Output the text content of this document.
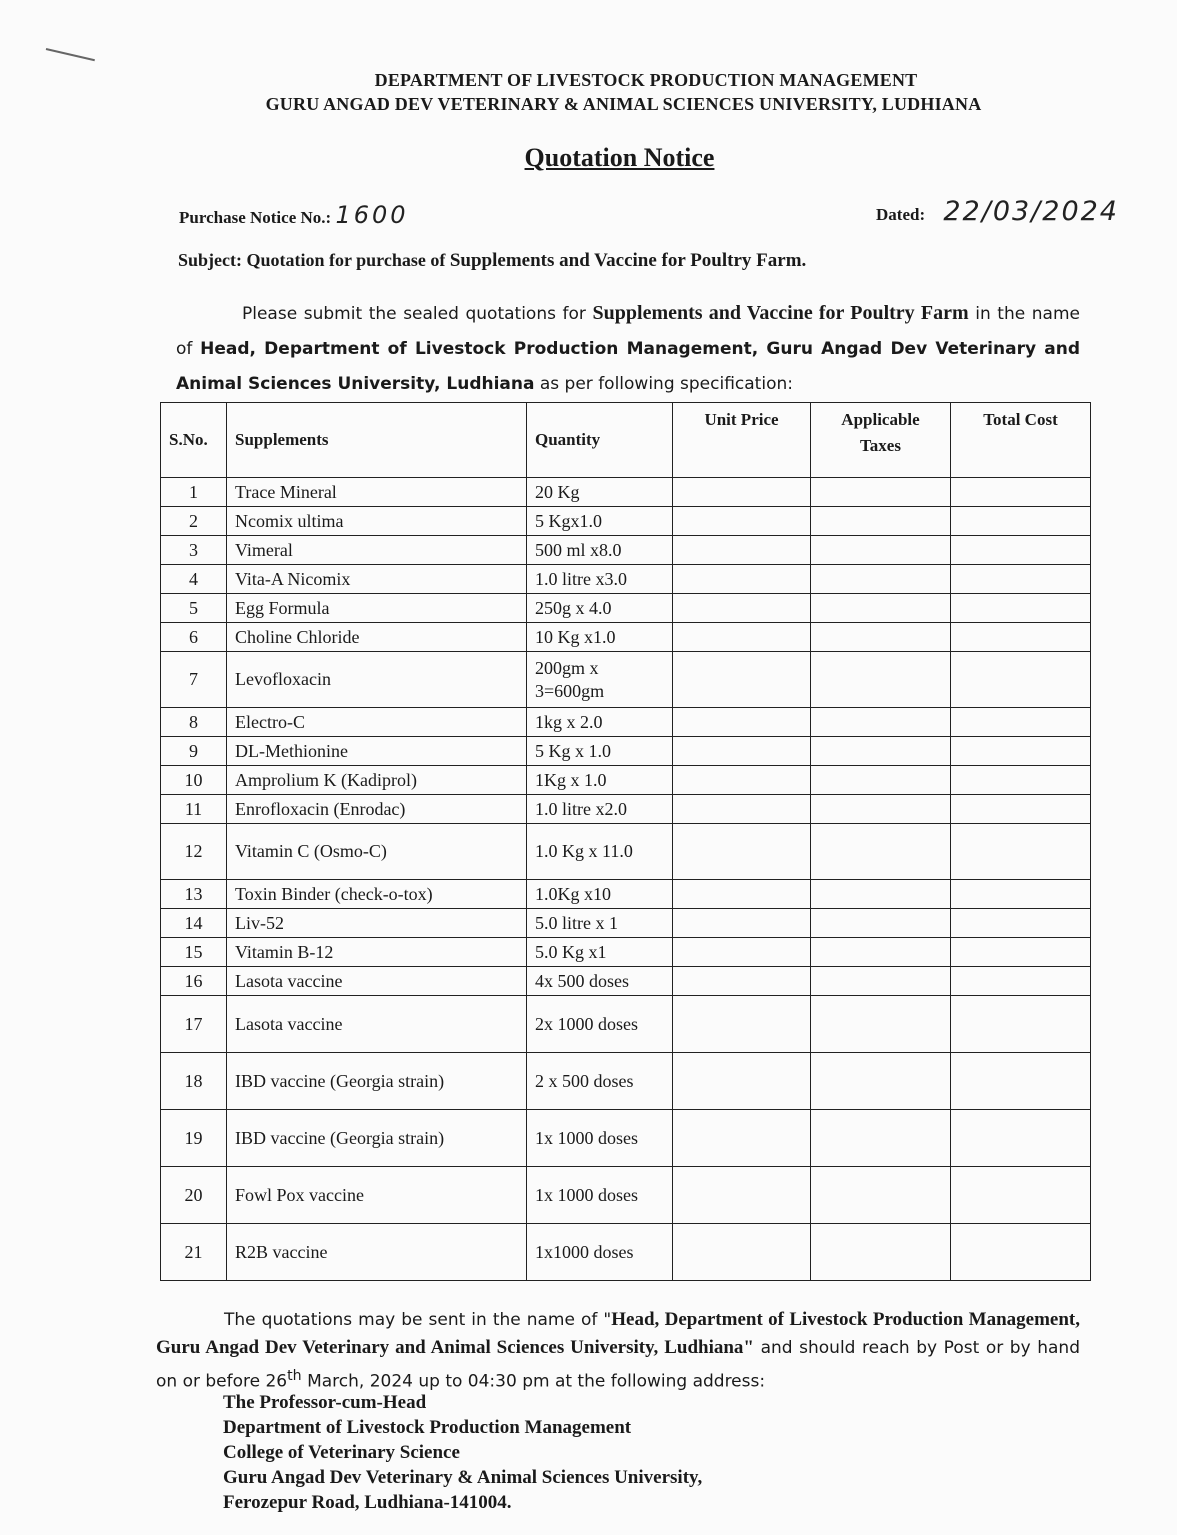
DEPARTMENT OF LIVESTOCK PRODUCTION MANAGEMENT
GURU ANGAD DEV VETERINARY & ANIMAL SCIENCES UNIVERSITY, LUDHIANA
Quotation Notice
Purchase Notice No.: 1600	Dated: 22/03/2024
Subject: Quotation for purchase of Supplements and Vaccine for Poultry Farm.
Please submit the sealed quotations for Supplements and Vaccine for Poultry Farm in the name of Head, Department of Livestock Production Management, Guru Angad Dev Veterinary and Animal Sciences University, Ludhiana as per following specification:
S.No.	Supplements	Quantity	Unit Price	Applicable Taxes	Total Cost
1	Trace Mineral	20 Kg			
2	Ncomix ultima	5 Kgx1.0			
3	Vimeral	500 ml x8.0			
4	Vita-A Nicomix	1.0 litre x3.0			
5	Egg Formula	250g x 4.0			
6	Choline Chloride	10 Kg x1.0			
7	Levofloxacin	200gm x 3=600gm			
8	Electro-C	1kg x 2.0			
9	DL-Methionine	5 Kg x 1.0			
10	Amprolium K (Kadiprol)	1Kg x 1.0			
11	Enrofloxacin (Enrodac)	1.0 litre x2.0			
12	Vitamin C (Osmo-C)	1.0 Kg x 11.0			
13	Toxin Binder (check-o-tox)	1.0Kg x10			
14	Liv-52	5.0 litre x 1			
15	Vitamin B-12	5.0 Kg x1			
16	Lasota vaccine	4x 500 doses			
17	Lasota vaccine	2x 1000 doses			
18	IBD vaccine (Georgia strain)	2 x 500 doses			
19	IBD vaccine (Georgia strain)	1x 1000 doses			
20	Fowl Pox vaccine	1x 1000 doses			
21	R2B vaccine	1x1000 doses			
The quotations may be sent in the name of "Head, Department of Livestock Production Management, Guru Angad Dev Veterinary and Animal Sciences University, Ludhiana" and should reach by Post or by hand on or before 26th March, 2024 up to 04:30 pm at the following address:
The Professor-cum-Head
Department of Livestock Production Management
College of Veterinary Science
Guru Angad Dev Veterinary & Animal Sciences University,
Ferozepur Road, Ludhiana-141004.
